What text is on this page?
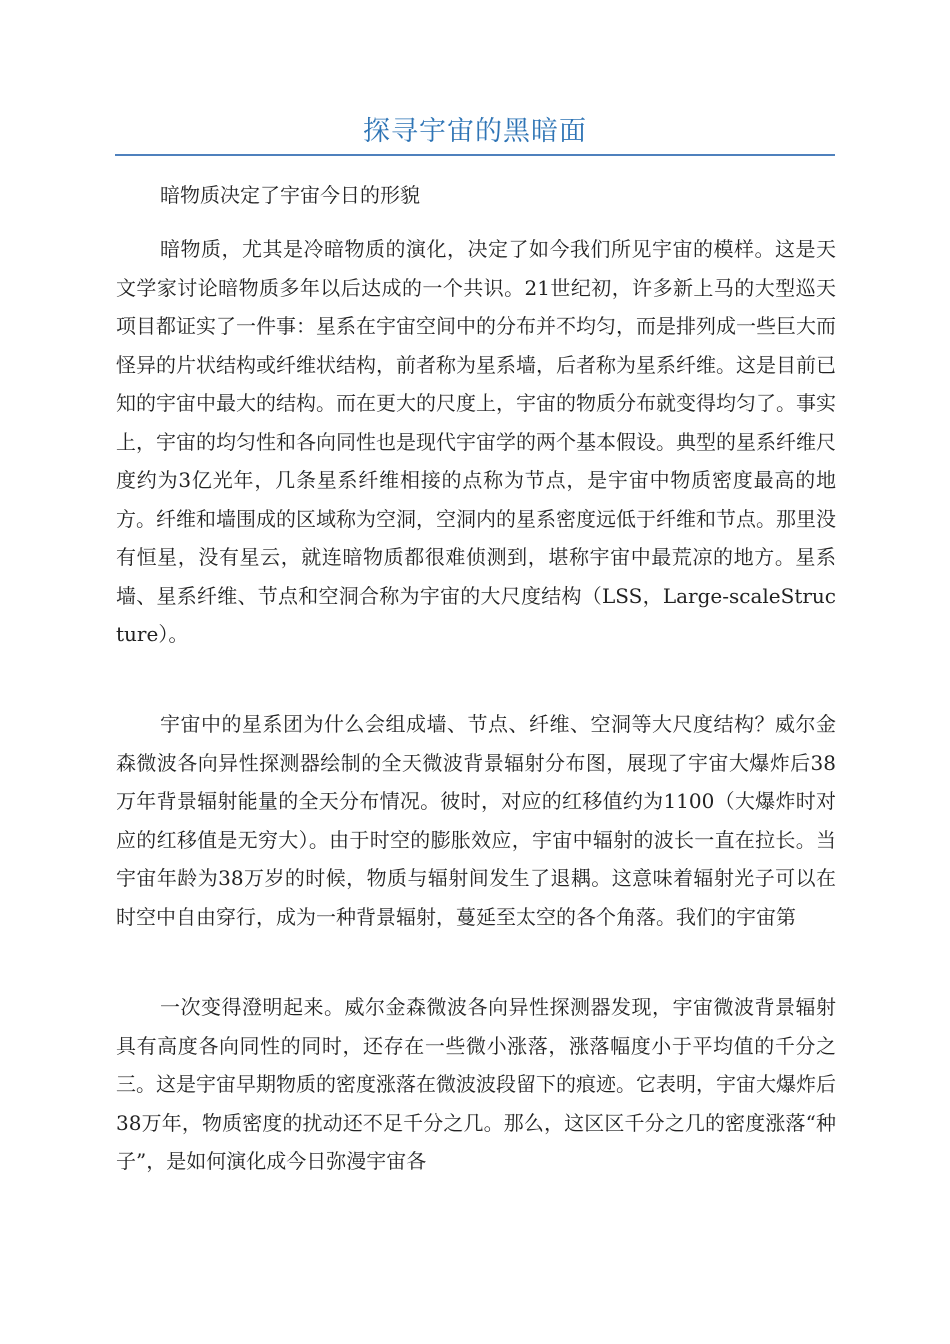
探寻宇宙的黑暗面

暗物质决定了宇宙今日的形貌

暗物质，尤其是冷暗物质的演化，决定了如今我们所见宇宙的模样。这是天文学家讨论暗物质多年以后达成的一个共识。21世纪初，许多新上马的大型巡天项目都证实了一件事：星系在宇宙空间中的分布并不均匀，而是排列成一些巨大而怪异的片状结构或纤维状结构，前者称为星系墙，后者称为星系纤维。这是目前已知的宇宙中最大的结构。而在更大的尺度上，宇宙的物质分布就变得均匀了。事实上，宇宙的均匀性和各向同性也是现代宇宙学的两个基本假设。典型的星系纤维尺度约为3亿光年，几条星系纤维相接的点称为节点，是宇宙中物质密度最高的地方。纤维和墙围成的区域称为空洞，空洞内的星系密度远低于纤维和节点。那里没有恒星，没有星云，就连暗物质都很难侦测到，堪称宇宙中最荒凉的地方。星系墙、星系纤维、节点和空洞合称为宇宙的大尺度结构（LSS，Large-scaleStructure）。

宇宙中的星系团为什么会组成墙、节点、纤维、空洞等大尺度结构？威尔金森微波各向异性探测器绘制的全天微波背景辐射分布图，展现了宇宙大爆炸后38万年背景辐射能量的全天分布情况。彼时，对应的红移值约为1100（大爆炸时对应的红移值是无穷大）。由于时空的膨胀效应，宇宙中辐射的波长一直在拉长。当宇宙年龄为38万岁的时候，物质与辐射间发生了退耦。这意味着辐射光子可以在时空中自由穿行，成为一种背景辐射，蔓延至太空的各个角落。我们的宇宙第

一次变得澄明起来。威尔金森微波各向异性探测器发现，宇宙微波背景辐射具有高度各向同性的同时，还存在一些微小涨落，涨落幅度小于平均值的千分之三。这是宇宙早期物质的密度涨落在微波波段留下的痕迹。它表明，宇宙大爆炸后38万年，物质密度的扰动还不足千分之几。那么，这区区千分之几的密度涨落“种子”，是如何演化成今日弥漫宇宙各
